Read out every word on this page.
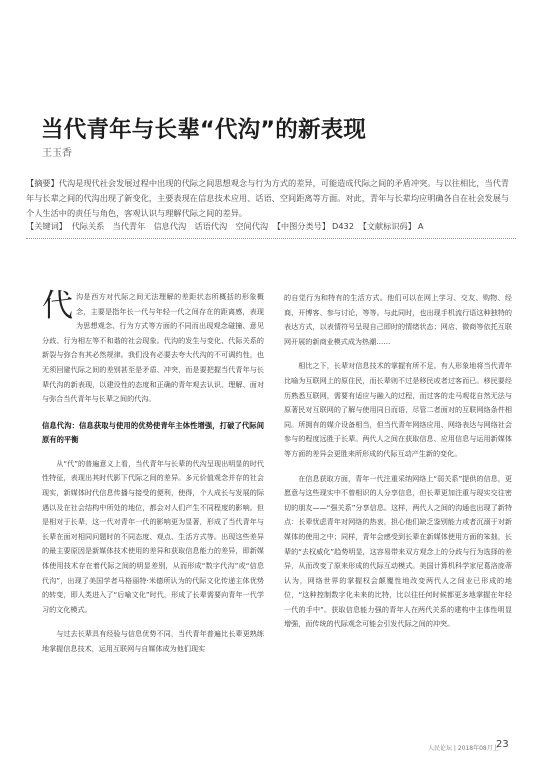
当代青年与长辈“代沟”的新表现
王玉香
【摘要】代沟是现代社会发展过程中出现的代际之间思想观念与行为方式的差异，可能造成代际之间的矛盾冲突。与以往相比，当代青年与长辈之间的代沟出现了新变化，主要表现在信息技术应用、话语、空间距离等方面。对此，青年与长辈均应明确各自在社会发展与个人生活中的责任与角色，客观认识与理解代际之间的差异。
【关键词】 代际关系　当代青年　信息代沟　话语代沟　空间代沟 【中图分类号】 D432 【文献标识码】 A

代沟是西方对代际之间无法理解的差距状态所概括的形象概念，主要是指年长一代与年轻一代之间存在的距离感，表现为思想观念、行为方式等方面的不同而出现观念碰撞、意见分歧、行为相左等不和谐的社会现象。代沟的发生与变化、代际关系的新裂与弥合有其必然规律。我们没有必要去夸大代沟的不可调约性，也无须回避代际之间的差别甚至是矛盾、冲突，而是要把握当代青年与长辈代沟的新表现，以建设性的态度和正确的青年观去认识、理解、面对与弥合当代青年与长辈之间的代沟。

信息代沟：信息获取与使用的优势使青年主体性增强，打破了代际间原有的平衡

从“代”的普遍意义上看，当代青年与长辈的代沟呈现出明显的时代性特征，表现出其时代影下代际之间的差异。多元价值观念并存的社会现实，新媒体时代信息传播与接受的便利，使得，个人成长与发展的际遇以及在社会结构中所处的地位，都会对人们产生不同程度的影响。但是相对于长辈，这一代对青年一代的影响更为显著，形成了当代青年与长辈在面对相同问题时的不同态度、观点、生活方式等。出现这些差异的最主要原因是新媒体技术使用的差异和获取信息能力的差异，即新媒体使用技术存在着代际之间的明显差别，从而形成“数字代沟”或“信息代沟”，出现了美国学者马格丽特·米德所认为的代际文化传递主体优势的转变，即人类进入了“后喻文化”时代，形成了长辈需要向青年一代学习的文化模式。

与过去长辈具有经验与信息优势不同，当代青年普遍比长辈更熟练地掌握信息技术，运用互联网与自媒体成为他们现实

的自觉行为和特有的生活方式。他们可以在网上学习、交友、购物、经商、开博客、参与讨论，等等。与此同时，也出现手机流行语这种独特的表达方式，以表情符号呈现自己即时的情绪状态；网店、微商等依托互联网开展的新商业模式成为热潮……

相比之下，长辈对信息技术的掌握有所不足。有人形象地将当代青年比喻为互联网上的原住民，而长辈则不过是移民或者过客而已。移民要经历熟悉互联网，需要有适应与融入的过程，而过客的走马观花自然无法与原著民对互联网的了解与使用同日而语，尽管二者面对的互联网络条件相同。所拥有的媒介设备相当，但当代青年网络应用、网络表达与网络社会参与的程度远胜于长辈。两代人之间在获取信息、应用信息与运用新媒体等方面的差异会更胜来所形成的代际互动产生新的变化。

在信息获取方面，青年一代注重采纳网络上“弱关系”提供的信息，更愿意与这些现实中不曾相识的人分享信息，但长辈更加注重与现实交往密切的朋友——“强关系”分享信息。这样，两代人之间的沟通也出现了新特点：长辈忧虑青年对网络的热衷，担心他们缺乏鉴别能力或者沉溺于对新媒体的使用之中；同样，青年会感受到长辈在新媒体使用方面的笨拙，长辈的“去权威化”趋势明显，这容易带来双方观念上的分歧与行为选择的差异，从而改变了原来形成的代际互动模式。美国计算机科学家尼葛洛庞蒂认为，网络世界的掌握权会颠覆性地改变两代人之间业已形成的地位，“这种控制数字化未来的比特，比以往任何时候都更多地掌握在年轻一代的手中”。获取信息能力强的青年人在两代关系的建构中主体性明显增强，而传统的代际观念可能会引发代际之间的冲突。

人民论坛 | 2018年08月上
23
